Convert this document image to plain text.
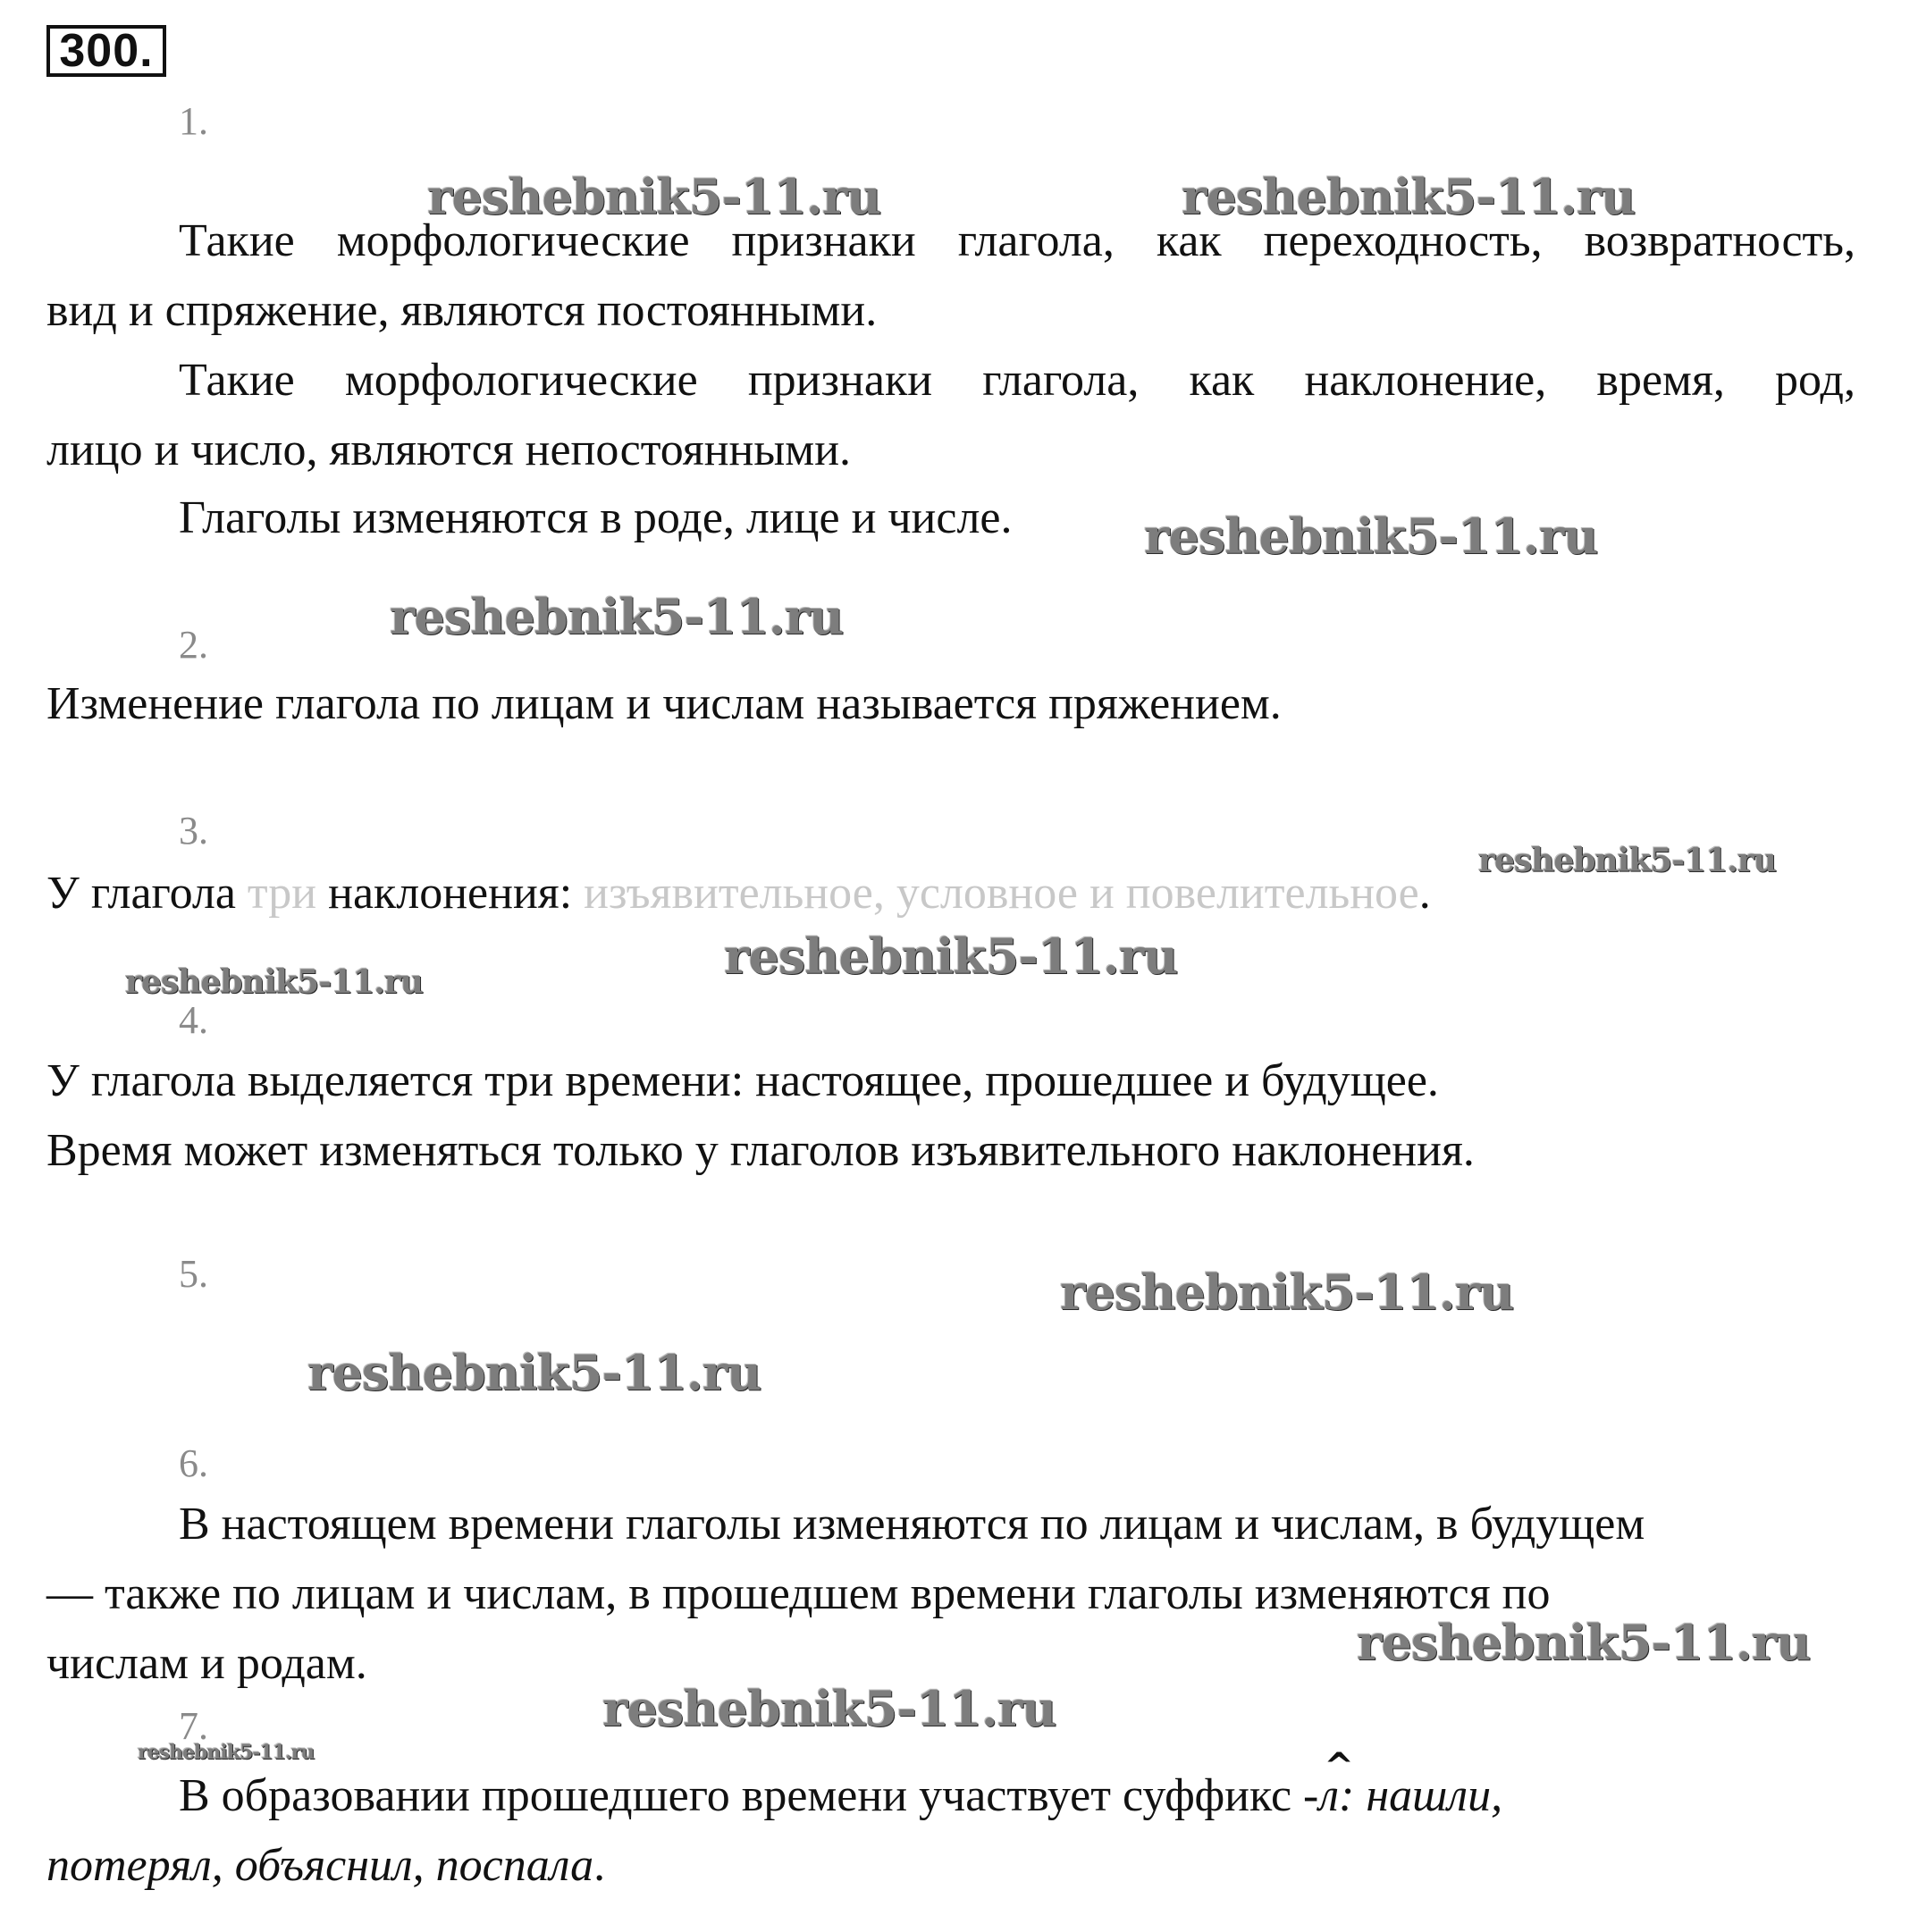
300.
1.
reshebnik5-11.ru	reshebnik5-11.ru
Такие морфологические признаки глагола, как переходность, возвратность,
вид и спряжение, являются постоянными.
Такие морфологические признаки глагола, как наклонение, время, род,
лицо и число, являются непостоянными.
Глаголы изменяются в роде, лице и числе.	reshebnik5-11.ru
reshebnik5-11.ru
2.
Изменение глагола по лицам и числам называется пряжением.
3.
reshebnik5-11.ru
У глагола три наклонения: изъявительное, условное и повелительное.
reshebnik5-11.ru
reshebnik5-11.ru
4.
У глагола выделяется три времени: настоящее, прошедшее и будущее.
Время может изменяться только у глаголов изъявительного наклонения.
5.	reshebnik5-11.ru
reshebnik5-11.ru
6.
В настоящем времени глаголы изменяются по лицам и числам, в будущем
— также по лицам и числам, в прошедшем времени глаголы изменяются по
числам и родам.	reshebnik5-11.ru
reshebnik5-11.ru
7.
reshebnik5-11.ru
В образовании прошедшего времени участвует суффикс -
^
л: нашли,
потерял, объяснил, поспала.
